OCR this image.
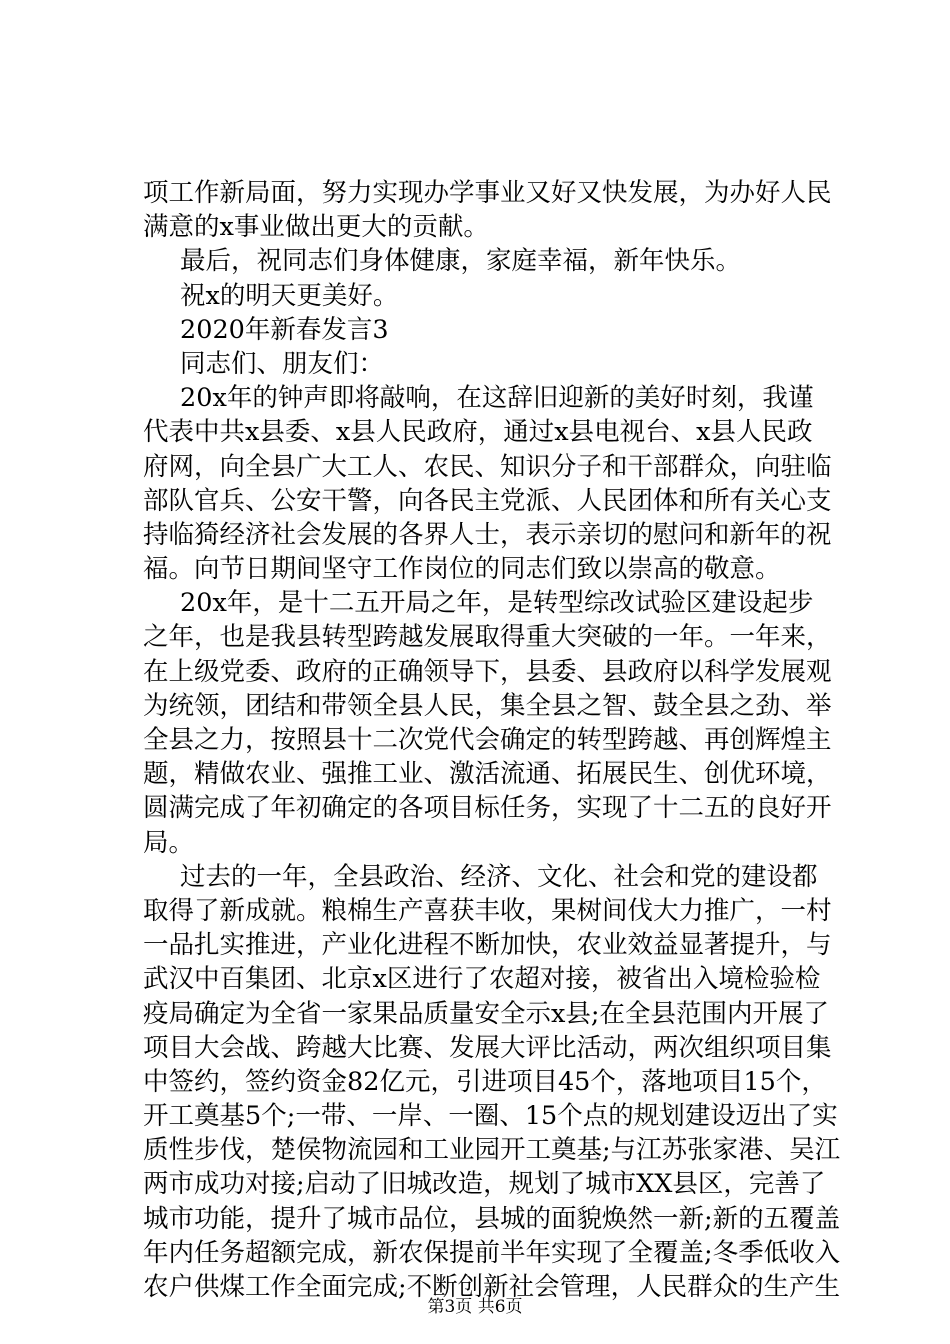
项工作新局面，努力实现办学事业又好又快发展，为办好人民
满意的x事业做出更大的贡献。
最后，祝同志们身体健康，家庭幸福，新年快乐。
祝x的明天更美好。
2020年新春发言3
同志们、朋友们：
20x年的钟声即将敲响，在这辞旧迎新的美好时刻，我谨
代表中共x县委、x县人民政府，通过x县电视台、x县人民政
府网，向全县广大工人、农民、知识分子和干部群众，向驻临
部队官兵、公安干警，向各民主党派、人民团体和所有关心支
持临猗经济社会发展的各界人士，表示亲切的慰问和新年的祝
福。向节日期间坚守工作岗位的同志们致以崇高的敬意。
20x年，是十二五开局之年，是转型综改试验区建设起步
之年，也是我县转型跨越发展取得重大突破的一年。一年来，
在上级党委、政府的正确领导下，县委、县政府以科学发展观
为统领，团结和带领全县人民，集全县之智、鼓全县之劲、举
全县之力，按照县十二次党代会确定的转型跨越、再创辉煌主
题，精做农业、强推工业、激活流通、拓展民生、创优环境，
圆满完成了年初确定的各项目标任务，实现了十二五的良好开
局。
过去的一年，全县政治、经济、文化、社会和党的建设都
取得了新成就。粮棉生产喜获丰收，果树间伐大力推广，一村
一品扎实推进，产业化进程不断加快，农业效益显著提升，与
武汉中百集团、北京x区进行了农超对接，被省出入境检验检
疫局确定为全省一家果品质量安全示x县;在全县范围内开展了
项目大会战、跨越大比赛、发展大评比活动，两次组织项目集
中签约，签约资金82亿元，引进项目45个，落地项目15个，
开工奠基5个;一带、一岸、一圈、15个点的规划建设迈出了实
质性步伐，楚侯物流园和工业园开工奠基;与江苏张家港、吴江
两市成功对接;启动了旧城改造，规划了城市XX县区，完善了
城市功能，提升了城市品位，县城的面貌焕然一新;新的五覆盖
年内任务超额完成，新农保提前半年实现了全覆盖;冬季低收入
农户供煤工作全面完成;不断创新社会管理，人民群众的生产生
第3页 共6页
